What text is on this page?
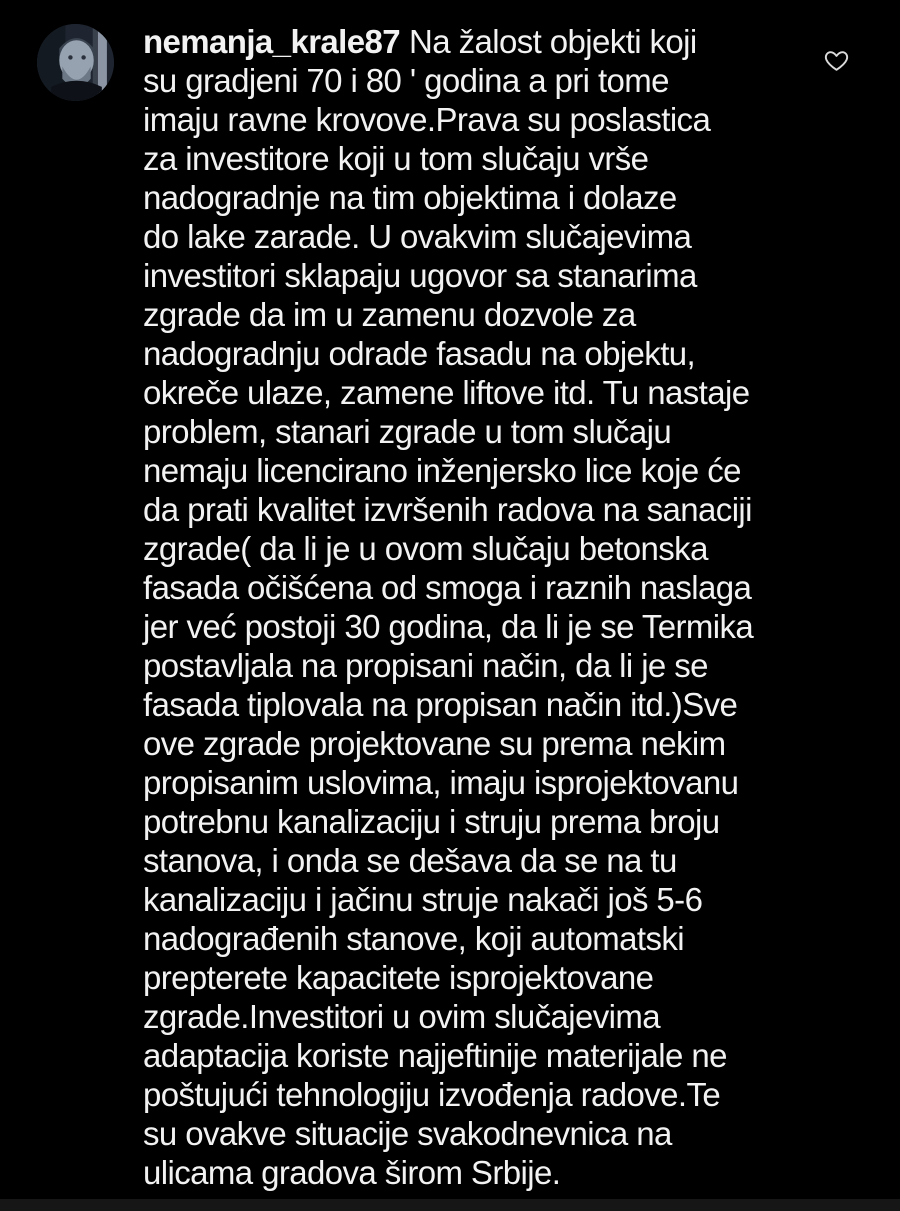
nemanja_krale87 Na žalost objekti koji
su gradjeni 70 i 80 ' godina a pri tome
imaju ravne krovove.Prava su poslastica
za investitore koji u tom slučaju vrše
nadogradnje na tim objektima i dolaze
do lake zarade. U ovakvim slučajevima
investitori sklapaju ugovor sa stanarima
zgrade da im u zamenu dozvole za
nadogradnju odrade fasadu na objektu,
okreče ulaze, zamene liftove itd. Tu nastaje
problem, stanari zgrade u tom slučaju
nemaju licencirano inženjersko lice koje će
da prati kvalitet izvršenih radova na sanaciji
zgrade( da li je u ovom slučaju betonska
fasada očišćena od smoga i raznih naslaga
jer već postoji 30 godina, da li je se Termika
postavljala na propisani način, da li je se
fasada tiplovala na propisan način itd.)Sve
ove zgrade projektovane su prema nekim
propisanim uslovima, imaju isprojektovanu
potrebnu kanalizaciju i struju prema broju
stanova, i onda se dešava da se na tu
kanalizaciju i jačinu struje nakači još 5-6
nadograđenih stanove, koji automatski
prepterete kapacitete isprojektovane
zgrade.Investitori u ovim slučajevima
adaptacija koriste najjeftinije materijale ne
poštujući tehnologiju izvođenja radove.Te
su ovakve situacije svakodnevnica na
ulicama gradova širom Srbije.
